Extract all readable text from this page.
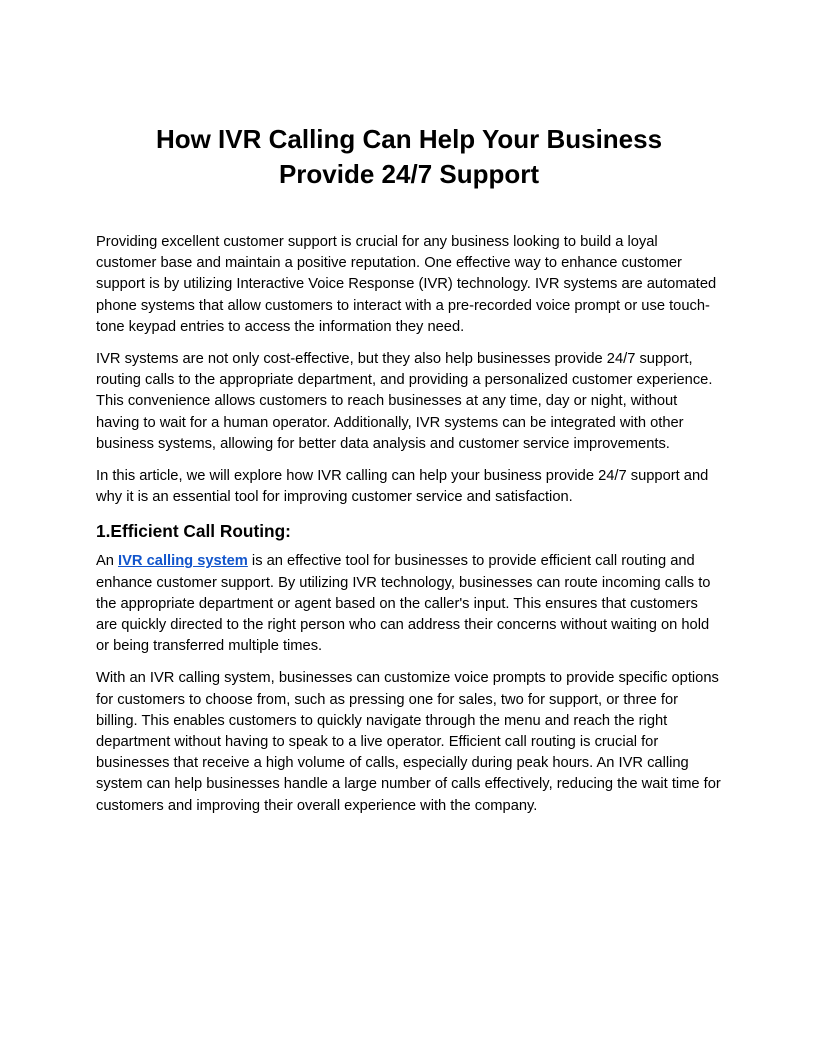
How IVR Calling Can Help Your Business
Provide 24/7 Support

Providing excellent customer support is crucial for any business looking to build a loyal customer base and maintain a positive reputation. One effective way to enhance customer support is by utilizing Interactive Voice Response (IVR) technology. IVR systems are automated phone systems that allow customers to interact with a pre-recorded voice prompt or use touch-tone keypad entries to access the information they need.

IVR systems are not only cost-effective, but they also help businesses provide 24/7 support, routing calls to the appropriate department, and providing a personalized customer experience. This convenience allows customers to reach businesses at any time, day or night, without having to wait for a human operator. Additionally, IVR systems can be integrated with other business systems, allowing for better data analysis and customer service improvements.

In this article, we will explore how IVR calling can help your business provide 24/7 support and why it is an essential tool for improving customer service and satisfaction.

1.Efficient Call Routing:

An IVR calling system is an effective tool for businesses to provide efficient call routing and enhance customer support. By utilizing IVR technology, businesses can route incoming calls to the appropriate department or agent based on the caller's input. This ensures that customers are quickly directed to the right person who can address their concerns without waiting on hold or being transferred multiple times.

With an IVR calling system, businesses can customize voice prompts to provide specific options for customers to choose from, such as pressing one for sales, two for support, or three for billing. This enables customers to quickly navigate through the menu and reach the right department without having to speak to a live operator. Efficient call routing is crucial for businesses that receive a high volume of calls, especially during peak hours. An IVR calling system can help businesses handle a large number of calls effectively, reducing the wait time for customers and improving their overall experience with the company.
